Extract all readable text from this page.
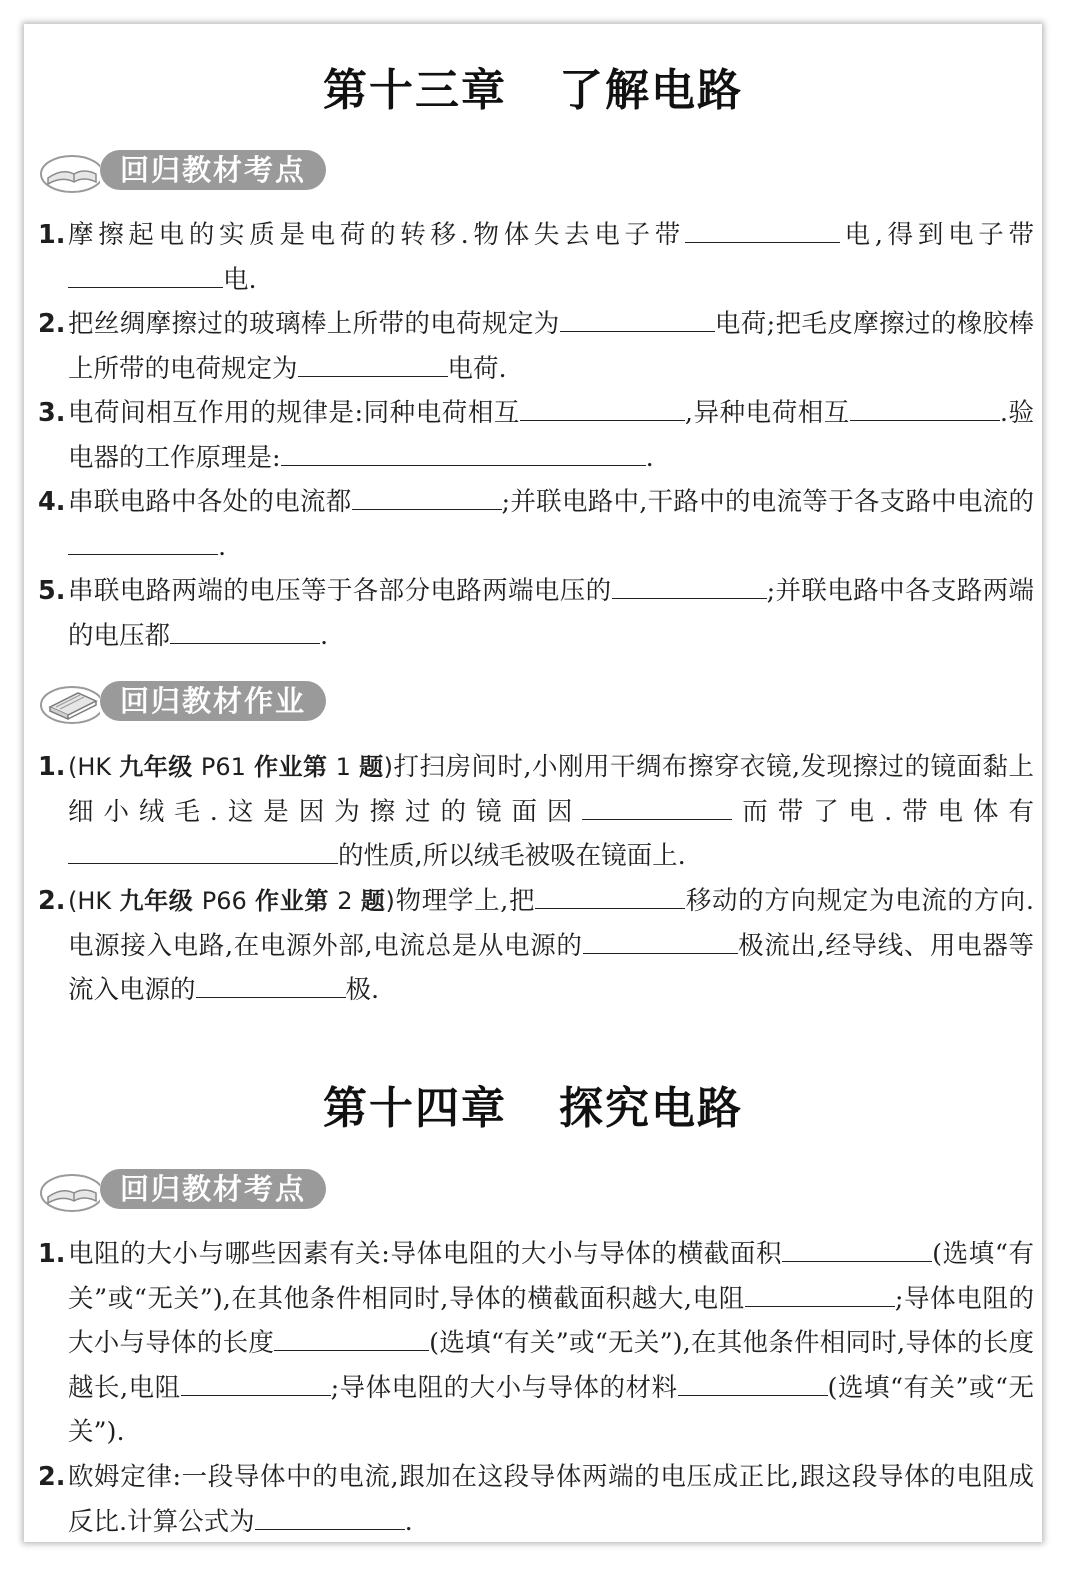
第十三章 了解电路
回归教材考点
1. 摩擦起电的实质是电荷的转移.物体失去电子带	电,得到电子带电.
2. 把丝绸摩擦过的玻璃棒上所带的电荷规定为	电荷;把毛皮摩擦过的橡胶棒上所带的电荷规定为	电荷.
3. 电荷间相互作用的规律是:同种电荷相互	,异种电荷相互	.验电器的工作原理是:	.
4. 串联电路中各处的电流都	;并联电路中,干路中的电流等于各支路中电流的.
5. 串联电路两端的电压等于各部分电路两端电压的	;并联电路中各支路两端的电压都	.
回归教材作业
1. (HK 九年级 P61 作业第 1 题)打扫房间时,小刚用干绸布擦穿衣镜,发现擦过的镜面黏上细小绒毛.这是因为擦过的镜面因	而带了电.带电体有的性质,所以绒毛被吸在镜面上.
2. (HK 九年级 P66 作业第 2 题)物理学上,把	移动的方向规定为电流的方向.电源接入电路,在电源外部,电流总是从电源的	极流出,经导线、用电器等流入电源的	极.
第十四章 探究电路
回归教材考点
1. 电阻的大小与哪些因素有关:导体电阻的大小与导体的横截面积	(选填“有关”或“无关”),在其他条件相同时,导体的横截面积越大,电阻	;导体电阻的大小与导体的长度	(选填“有关”或“无关”),在其他条件相同时,导体的长度越长,电阻	;导体电阻的大小与导体的材料	(选填“有关”或“无关”).
2. 欧姆定律:一段导体中的电流,跟加在这段导体两端的电压成正比,跟这段导体的电阻成反比.计算公式为	.
